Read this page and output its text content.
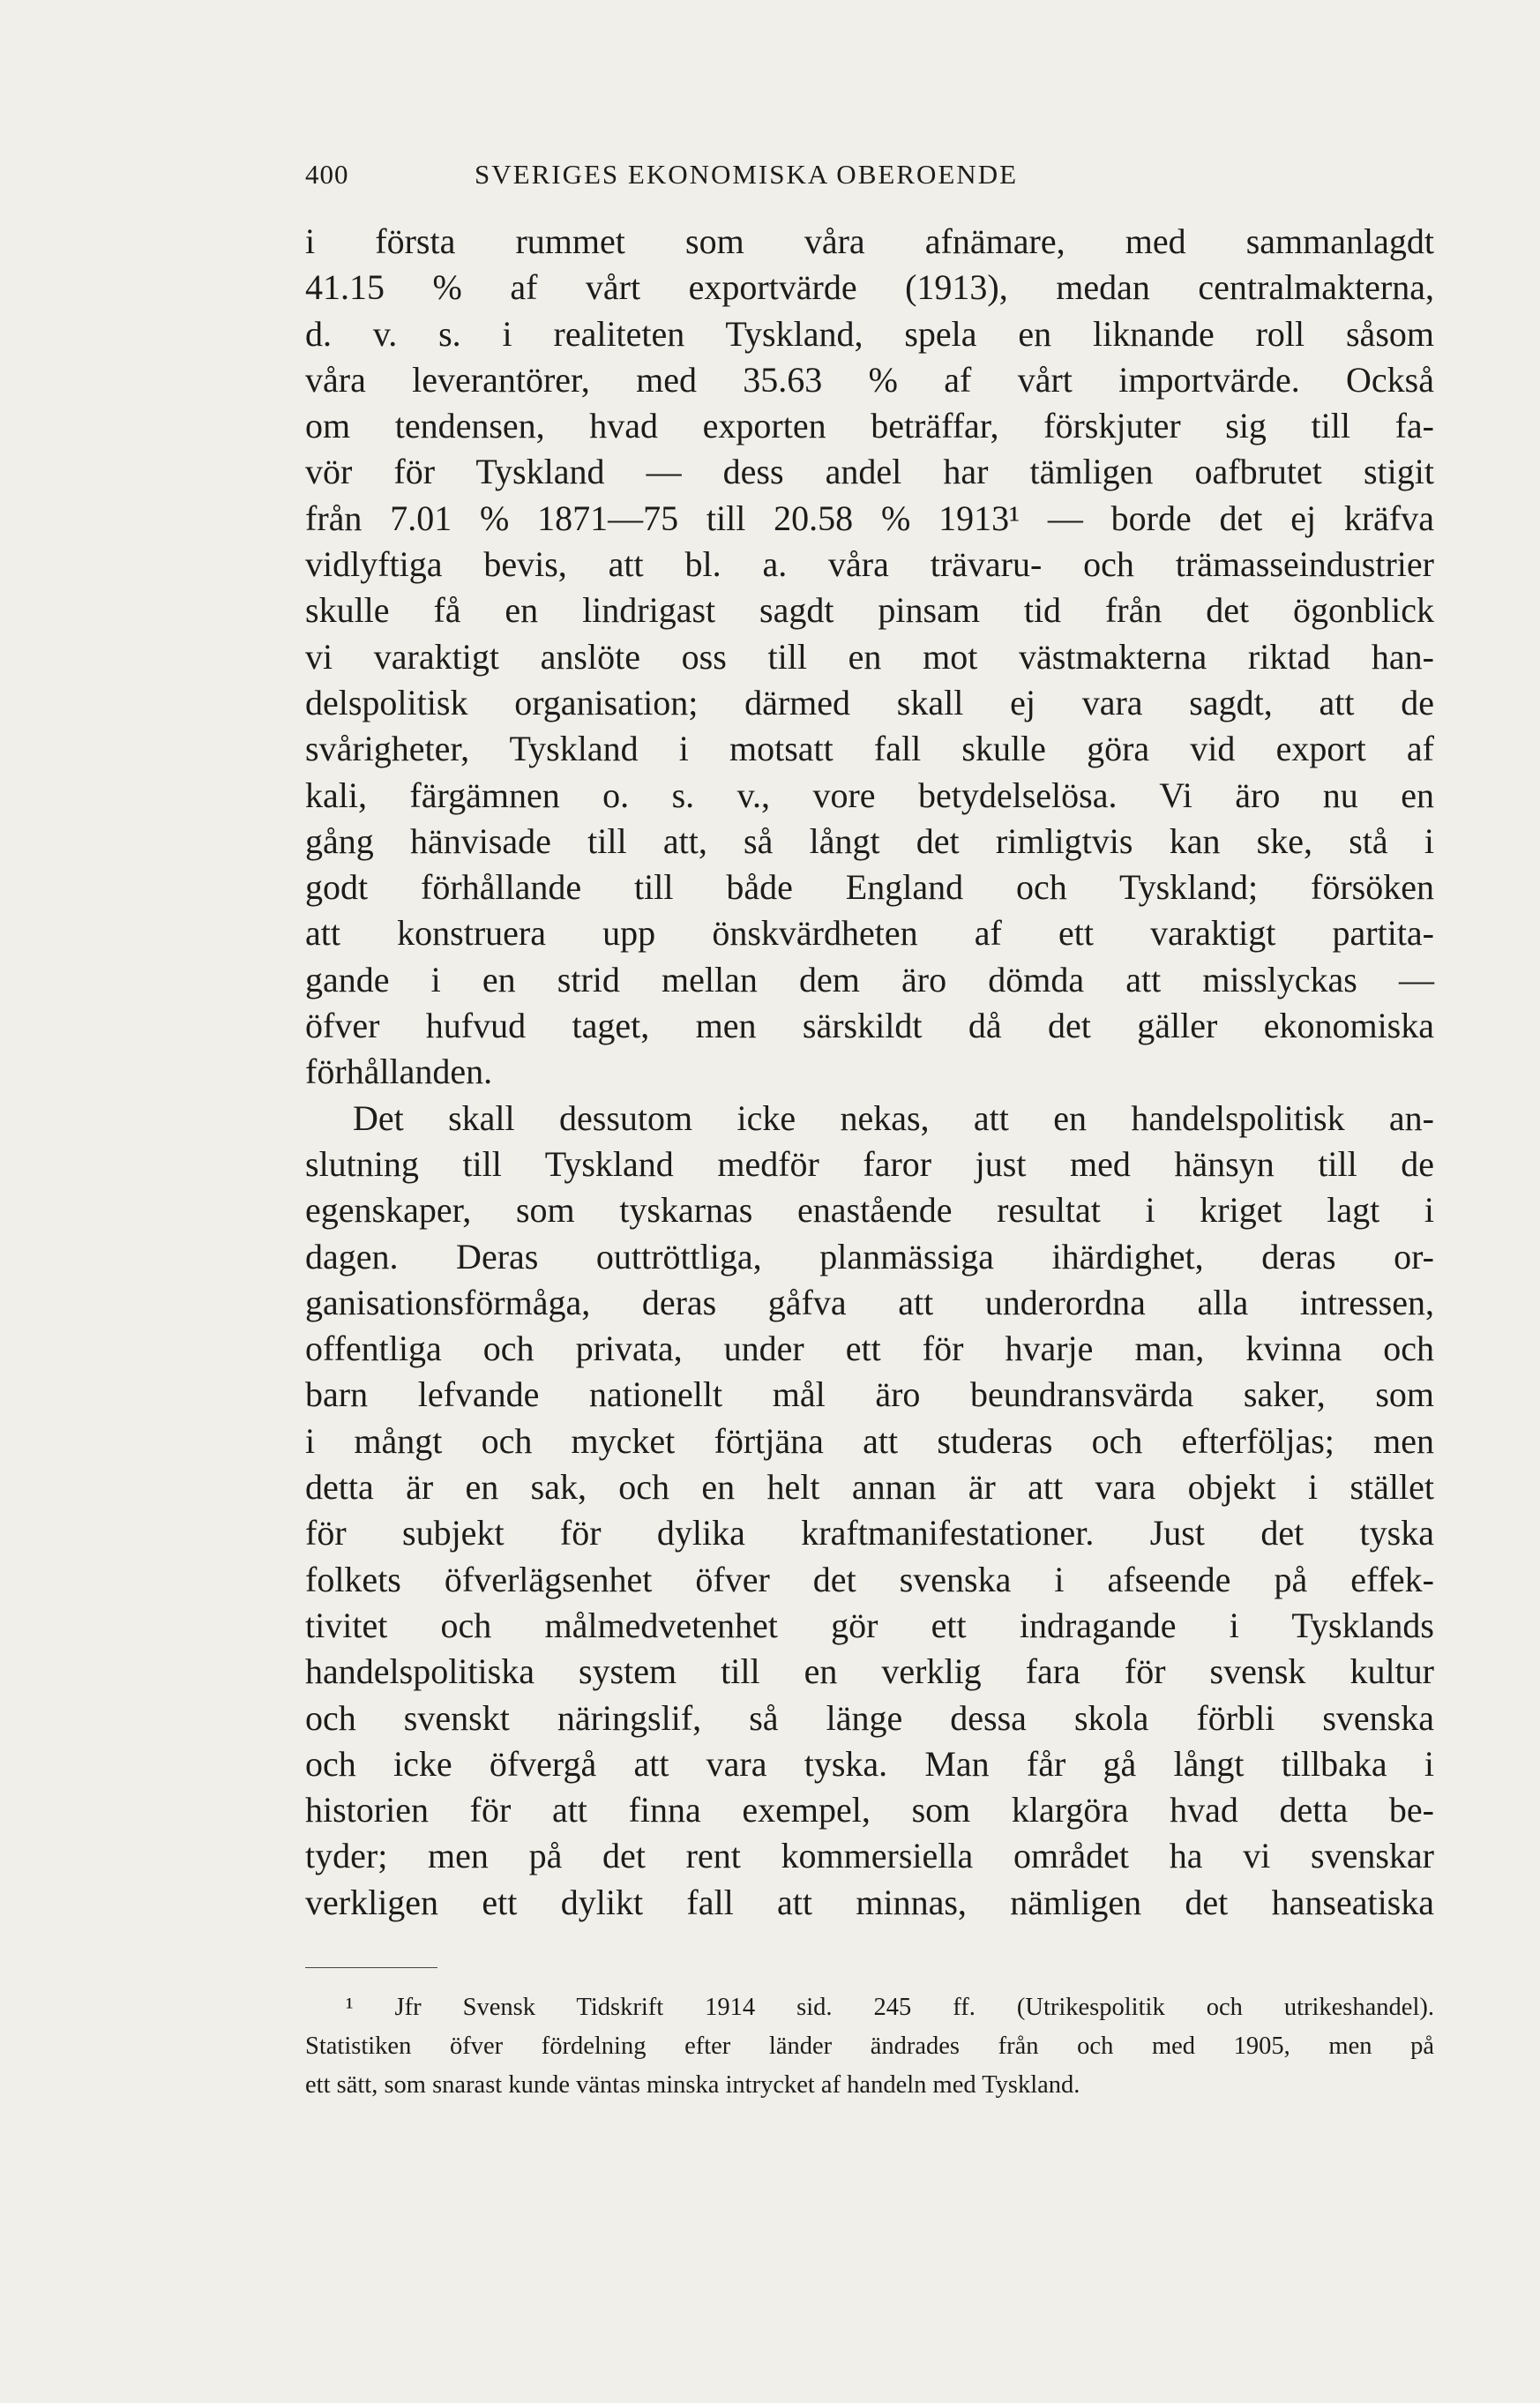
400	SVERIGES EKONOMISKA OBEROENDE
i första rummet som våra afnämare, med sammanlagdt
41.15 % af vårt exportvärde (1913), medan centralmakterna,
d. v. s. i realiteten Tyskland, spela en liknande roll såsom
våra leverantörer, med 35.63 % af vårt importvärde. Också
om tendensen, hvad exporten beträffar, förskjuter sig till fa-
vör för Tyskland — dess andel har tämligen oafbrutet stigit
från 7.01 % 1871—75 till 20.58 % 1913¹ — borde det ej kräfva
vidlyftiga bevis, att bl. a. våra trävaru- och trämasseindustrier
skulle få en lindrigast sagdt pinsam tid från det ögonblick
vi varaktigt anslöte oss till en mot västmakterna riktad han-
delspolitisk organisation; därmed skall ej vara sagdt, att de
svårigheter, Tyskland i motsatt fall skulle göra vid export af
kali, färgämnen o. s. v., vore betydelselösa. Vi äro nu en
gång hänvisade till att, så långt det rimligtvis kan ske, stå i
godt förhållande till både England och Tyskland; försöken
att konstruera upp önskvärdheten af ett varaktigt partita-
gande i en strid mellan dem äro dömda att misslyckas —
öfver hufvud taget, men särskildt då det gäller ekonomiska
förhållanden.
Det skall dessutom icke nekas, att en handelspolitisk an-
slutning till Tyskland medför faror just med hänsyn till de
egenskaper, som tyskarnas enastående resultat i kriget lagt i
dagen. Deras outtröttliga, planmässiga ihärdighet, deras or-
ganisationsförmåga, deras gåfva att underordna alla intressen,
offentliga och privata, under ett för hvarje man, kvinna och
barn lefvande nationellt mål äro beundransvärda saker, som
i mångt och mycket förtjäna att studeras och efterföljas; men
detta är en sak, och en helt annan är att vara objekt i stället
för subjekt för dylika kraftmanifestationer. Just det tyska
folkets öfverlägsenhet öfver det svenska i afseende på effek-
tivitet och målmedvetenhet gör ett indragande i Tysklands
handelspolitiska system till en verklig fara för svensk kultur
och svenskt näringslif, så länge dessa skola förbli svenska
och icke öfvergå att vara tyska. Man får gå långt tillbaka i
historien för att finna exempel, som klargöra hvad detta be-
tyder; men på det rent kommersiella området ha vi svenskar
verkligen ett dylikt fall att minnas, nämligen det hanseatiska
¹ Jfr Svensk Tidskrift 1914 sid. 245 ff. (Utrikespolitik och utrikeshandel).
Statistiken öfver fördelning efter länder ändrades från och med 1905, men på
ett sätt, som snarast kunde väntas minska intrycket af handeln med Tyskland.
